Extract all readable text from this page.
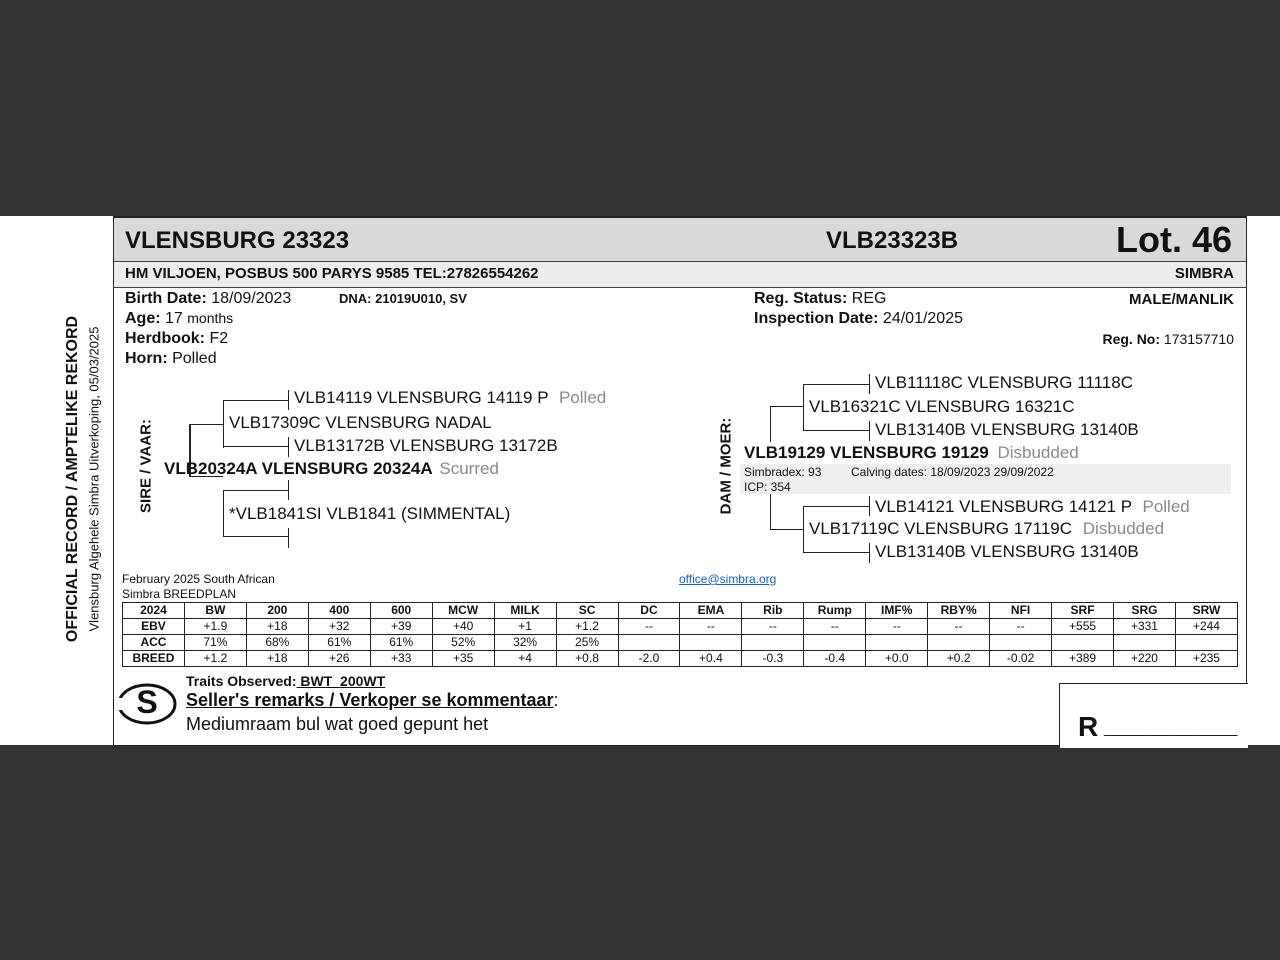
OFFICIAL RECORD / AMPTELIKE REKORD Vlensburg Algehele Simbra Uitverkoping, 05/03/2025
VLENSBURG 23323	VLB23323B	Lot. 46
HM VILJOEN, POSBUS 500 PARYS 9585 TEL:27826554262	SIMBRA
Birth Date: 18/09/2023	DNA: 21019U010, SV
Age: 17 months
Herdbook: F2
Horn: Polled
Reg. Status: REG
Inspection Date: 24/01/2025
MALE/MANLIK
Reg. No: 173157710
SIRE / VAAR:
VLB14119 VLENSBURG 14119 P Polled
VLB17309C VLENSBURG NADAL
VLB13172B VLENSBURG 13172B
VLB20324A VLENSBURG 20324A Scurred
*VLB1841SI VLB1841 (SIMMENTAL)	DAM / MOER:
VLB11118C VLENSBURG 11118C
VLB16321C VLENSBURG 16321C
VLB13140B VLENSBURG 13140B
VLB19129 VLENSBURG 19129 Disbudded
Simbradex: 93 Calving dates: 18/09/2023 29/09/2022
ICP: 354
VLB14121 VLENSBURG 14121 P Polled
VLB17119C VLENSBURG 17119C Disbudded
VLB13140B VLENSBURG 13140B
February 2025 South African
Simbra BREEDPLAN
office@simbra.org
2024	BW	200	400	600	MCW	MILK	SC	DC	EMA	Rib	Rump	IMF%	RBY%	NFI	SRF	SRG	SRW
EBV	+1.9	+18	+32	+39	+40	+1	+1.2	--	--	--	--	--	--	--	+555	+331	+244
ACC	71%	68%	61%	61%	52%	32%	25%										
BREED	+1.2	+18	+26	+33	+35	+4	+0.8	-2.0	+0.4	-0.3	-0.4	+0.0	+0.2	-0.02	+389	+220	+235
S
Traits Observed: BWT  200WT
Seller's remarks / Verkoper se kommentaar:
Mediumraam bul wat goed gepunt het	R ________________
